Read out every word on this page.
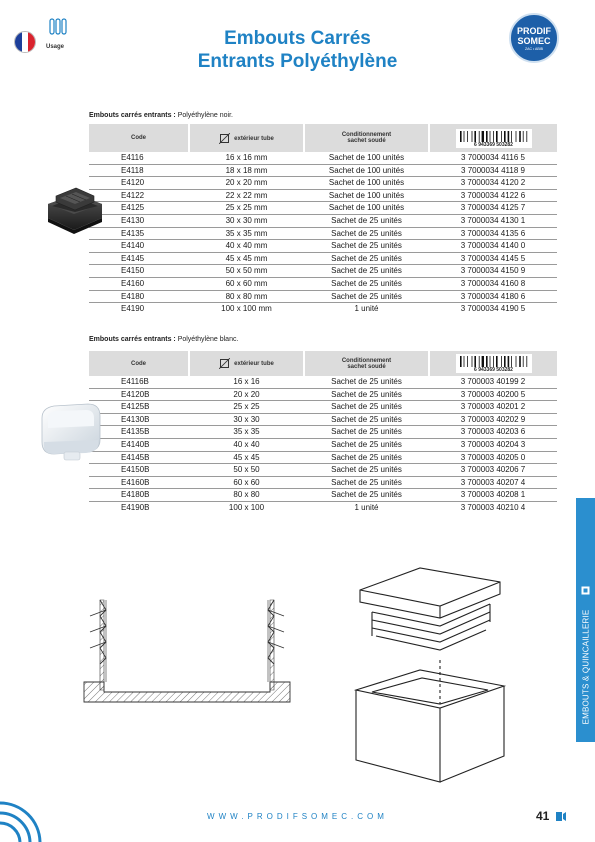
Usage	Embouts Carrés
Entrants Polyéthylène
PRODIF
SOMEC
ZAC • ABIB
Embouts carrés entrants : Polyéthylène noir.
Code	extérieur tube	Conditionnement
sachet soudé	6 943369 503282

E4116	16 x 16 mm	Sachet de 100 unités	3 7000034 4116 5
E4118	18 x 18 mm	Sachet de 100 unités	3 7000034 4118 9
E4120	20 x 20 mm	Sachet de 100 unités	3 7000034 4120 2
E4122	22 x 22 mm	Sachet de 100 unités	3 7000034 4122 6
E4125	25 x 25 mm	Sachet de 100 unités	3 7000034 4125 7
E4130	30 x 30 mm	Sachet de 25 unités	3 7000034 4130 1
E4135	35 x 35 mm	Sachet de 25 unités	3 7000034 4135 6
E4140	40 x 40 mm	Sachet de 25 unités	3 7000034 4140 0
E4145	45 x 45 mm	Sachet de 25 unités	3 7000034 4145 5
E4150	50 x 50 mm	Sachet de 25 unités	3 7000034 4150 9
E4160	60 x 60 mm	Sachet de 25 unités	3 7000034 4160 8
E4180	80 x 80 mm	Sachet de 25 unités	3 7000034 4180 6
E4190	100 x 100 mm	1 unité	3 7000034 4190 5
Embouts carrés entrants : Polyéthylène blanc.
Code	extérieur tube	Conditionnement
sachet soudé	6 943369 503282

E4116B	16 x 16	Sachet de 25 unités	3 700003 40199 2
E4120B	20 x 20	Sachet de 25 unités	3 700003 40200 5
E4125B	25 x 25	Sachet de 25 unités	3 700003 40201 2
E4130B	30 x 30	Sachet de 25 unités	3 700003 40202 9
E4135B	35 x 35	Sachet de 25 unités	3 700003 40203 6
E4140B	40 x 40	Sachet de 25 unités	3 700003 40204 3
E4145B	45 x 45	Sachet de 25 unités	3 700003 40205 0
E4150B	50 x 50	Sachet de 25 unités	3 700003 40206 7
E4160B	60 x 60	Sachet de 25 unités	3 700003 40207 4
E4180B	80 x 80	Sachet de 25 unités	3 700003 40208 1
E4190B	100 x 100	1 unité	3 700003 40210 4
EMBOUTS & QUINCAILLERIE
WWW.PRODIFSOMEC.COM	41
